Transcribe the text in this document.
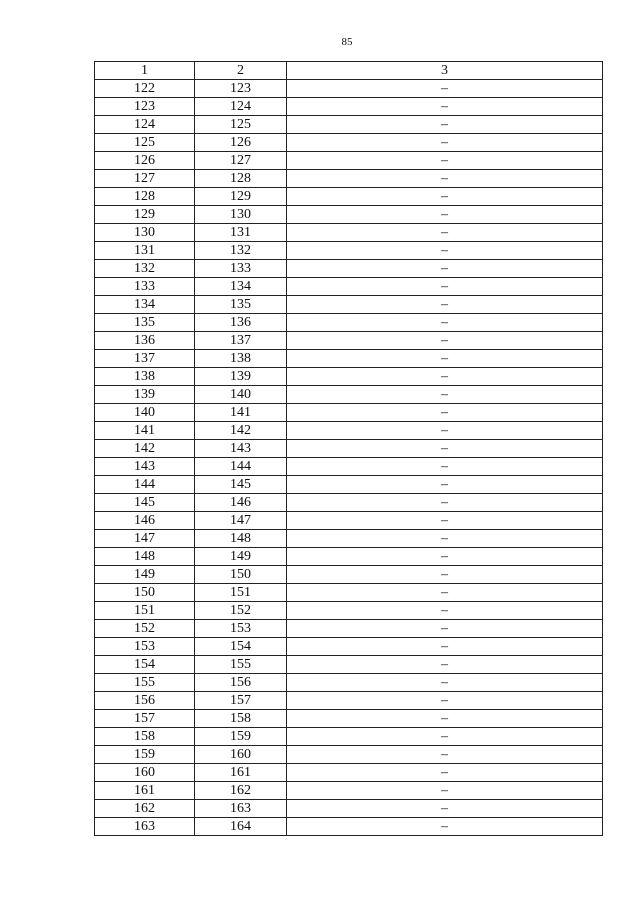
85
1	2	3
122	123	–
123	124	–
124	125	–
125	126	–
126	127	–
127	128	–
128	129	–
129	130	–
130	131	–
131	132	–
132	133	–
133	134	–
134	135	–
135	136	–
136	137	–
137	138	–
138	139	–
139	140	–
140	141	–
141	142	–
142	143	–
143	144	–
144	145	–
145	146	–
146	147	–
147	148	–
148	149	–
149	150	–
150	151	–
151	152	–
152	153	–
153	154	–
154	155	–
155	156	–
156	157	–
157	158	–
158	159	–
159	160	–
160	161	–
161	162	–
162	163	–
163	164	–
